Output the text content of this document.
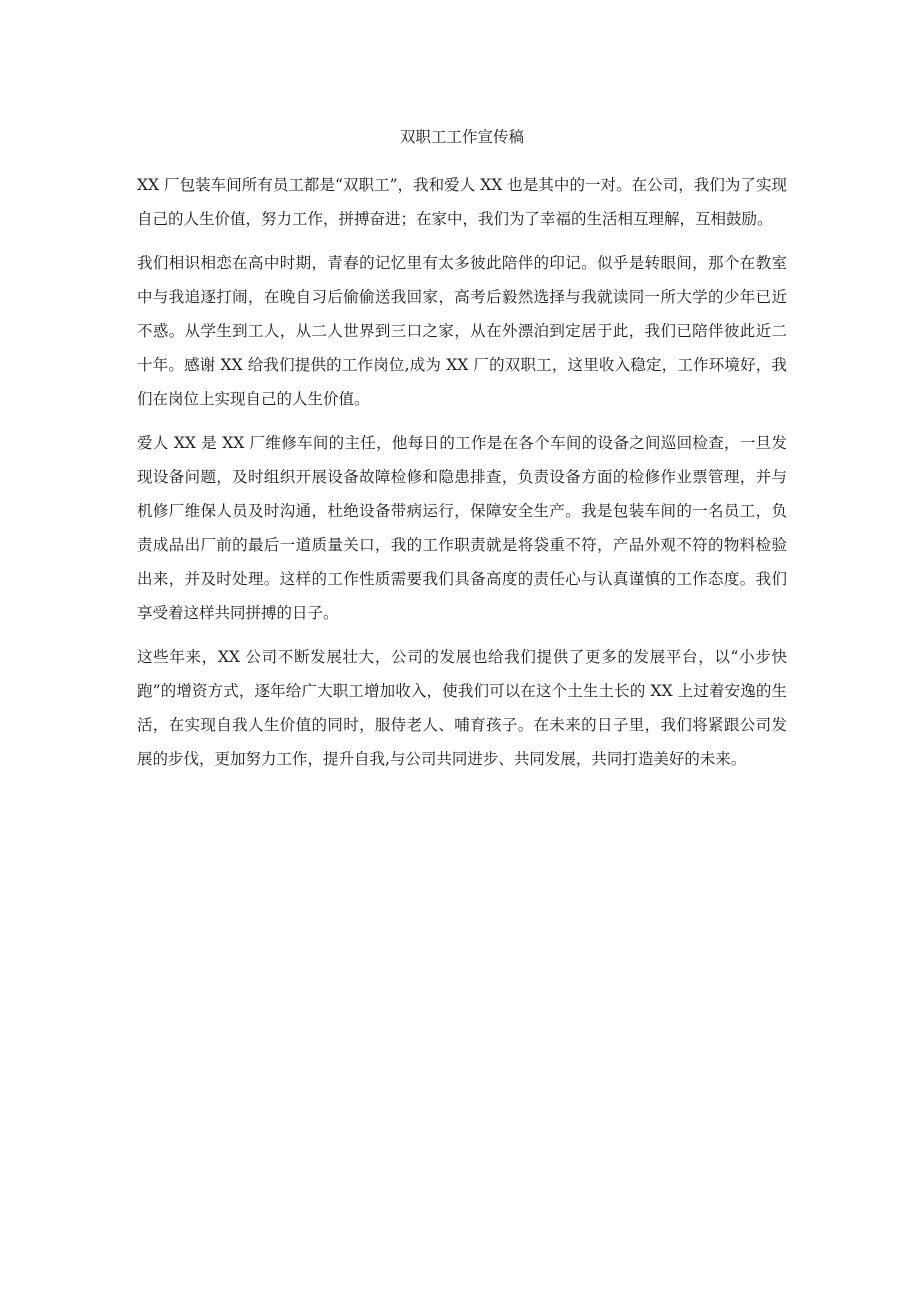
双职工工作宣传稿

XX 厂包装车间所有员工都是“双职工”，我和爱人 XX 也是其中的一对。在公司，我们为了实现自己的人生价值，努力工作，拼搏奋进；在家中，我们为了幸福的生活相互理解，互相鼓励。

我们相识相恋在高中时期，青春的记忆里有太多彼此陪伴的印记。似乎是转眼间，那个在教室中与我追逐打闹，在晚自习后偷偷送我回家，高考后毅然选择与我就读同一所大学的少年已近不惑。从学生到工人，从二人世界到三口之家，从在外漂泊到定居于此，我们已陪伴彼此近二十年。感谢 XX 给我们提供的工作岗位,成为 XX 厂的双职工，这里收入稳定，工作环境好，我们在岗位上实现自己的人生价值。

爱人 XX 是 XX 厂维修车间的主任，他每日的工作是在各个车间的设备之间巡回检查，一旦发现设备问题，及时组织开展设备故障检修和隐患排查，负责设备方面的检修作业票管理，并与机修厂维保人员及时沟通，杜绝设备带病运行，保障安全生产。我是包装车间的一名员工，负责成品出厂前的最后一道质量关口，我的工作职责就是将袋重不符，产品外观不符的物料检验出来，并及时处理。这样的工作性质需要我们具备高度的责任心与认真谨慎的工作态度。我们享受着这样共同拼搏的日子。

这些年来，XX 公司不断发展壮大，公司的发展也给我们提供了更多的发展平台，以“小步快跑”的增资方式，逐年给广大职工增加收入，使我们可以在这个土生土长的 XX 上过着安逸的生活，在实现自我人生价值的同时，服侍老人、哺育孩子。在未来的日子里，我们将紧跟公司发展的步伐，更加努力工作，提升自我,与公司共同进步、共同发展，共同打造美好的未来。
